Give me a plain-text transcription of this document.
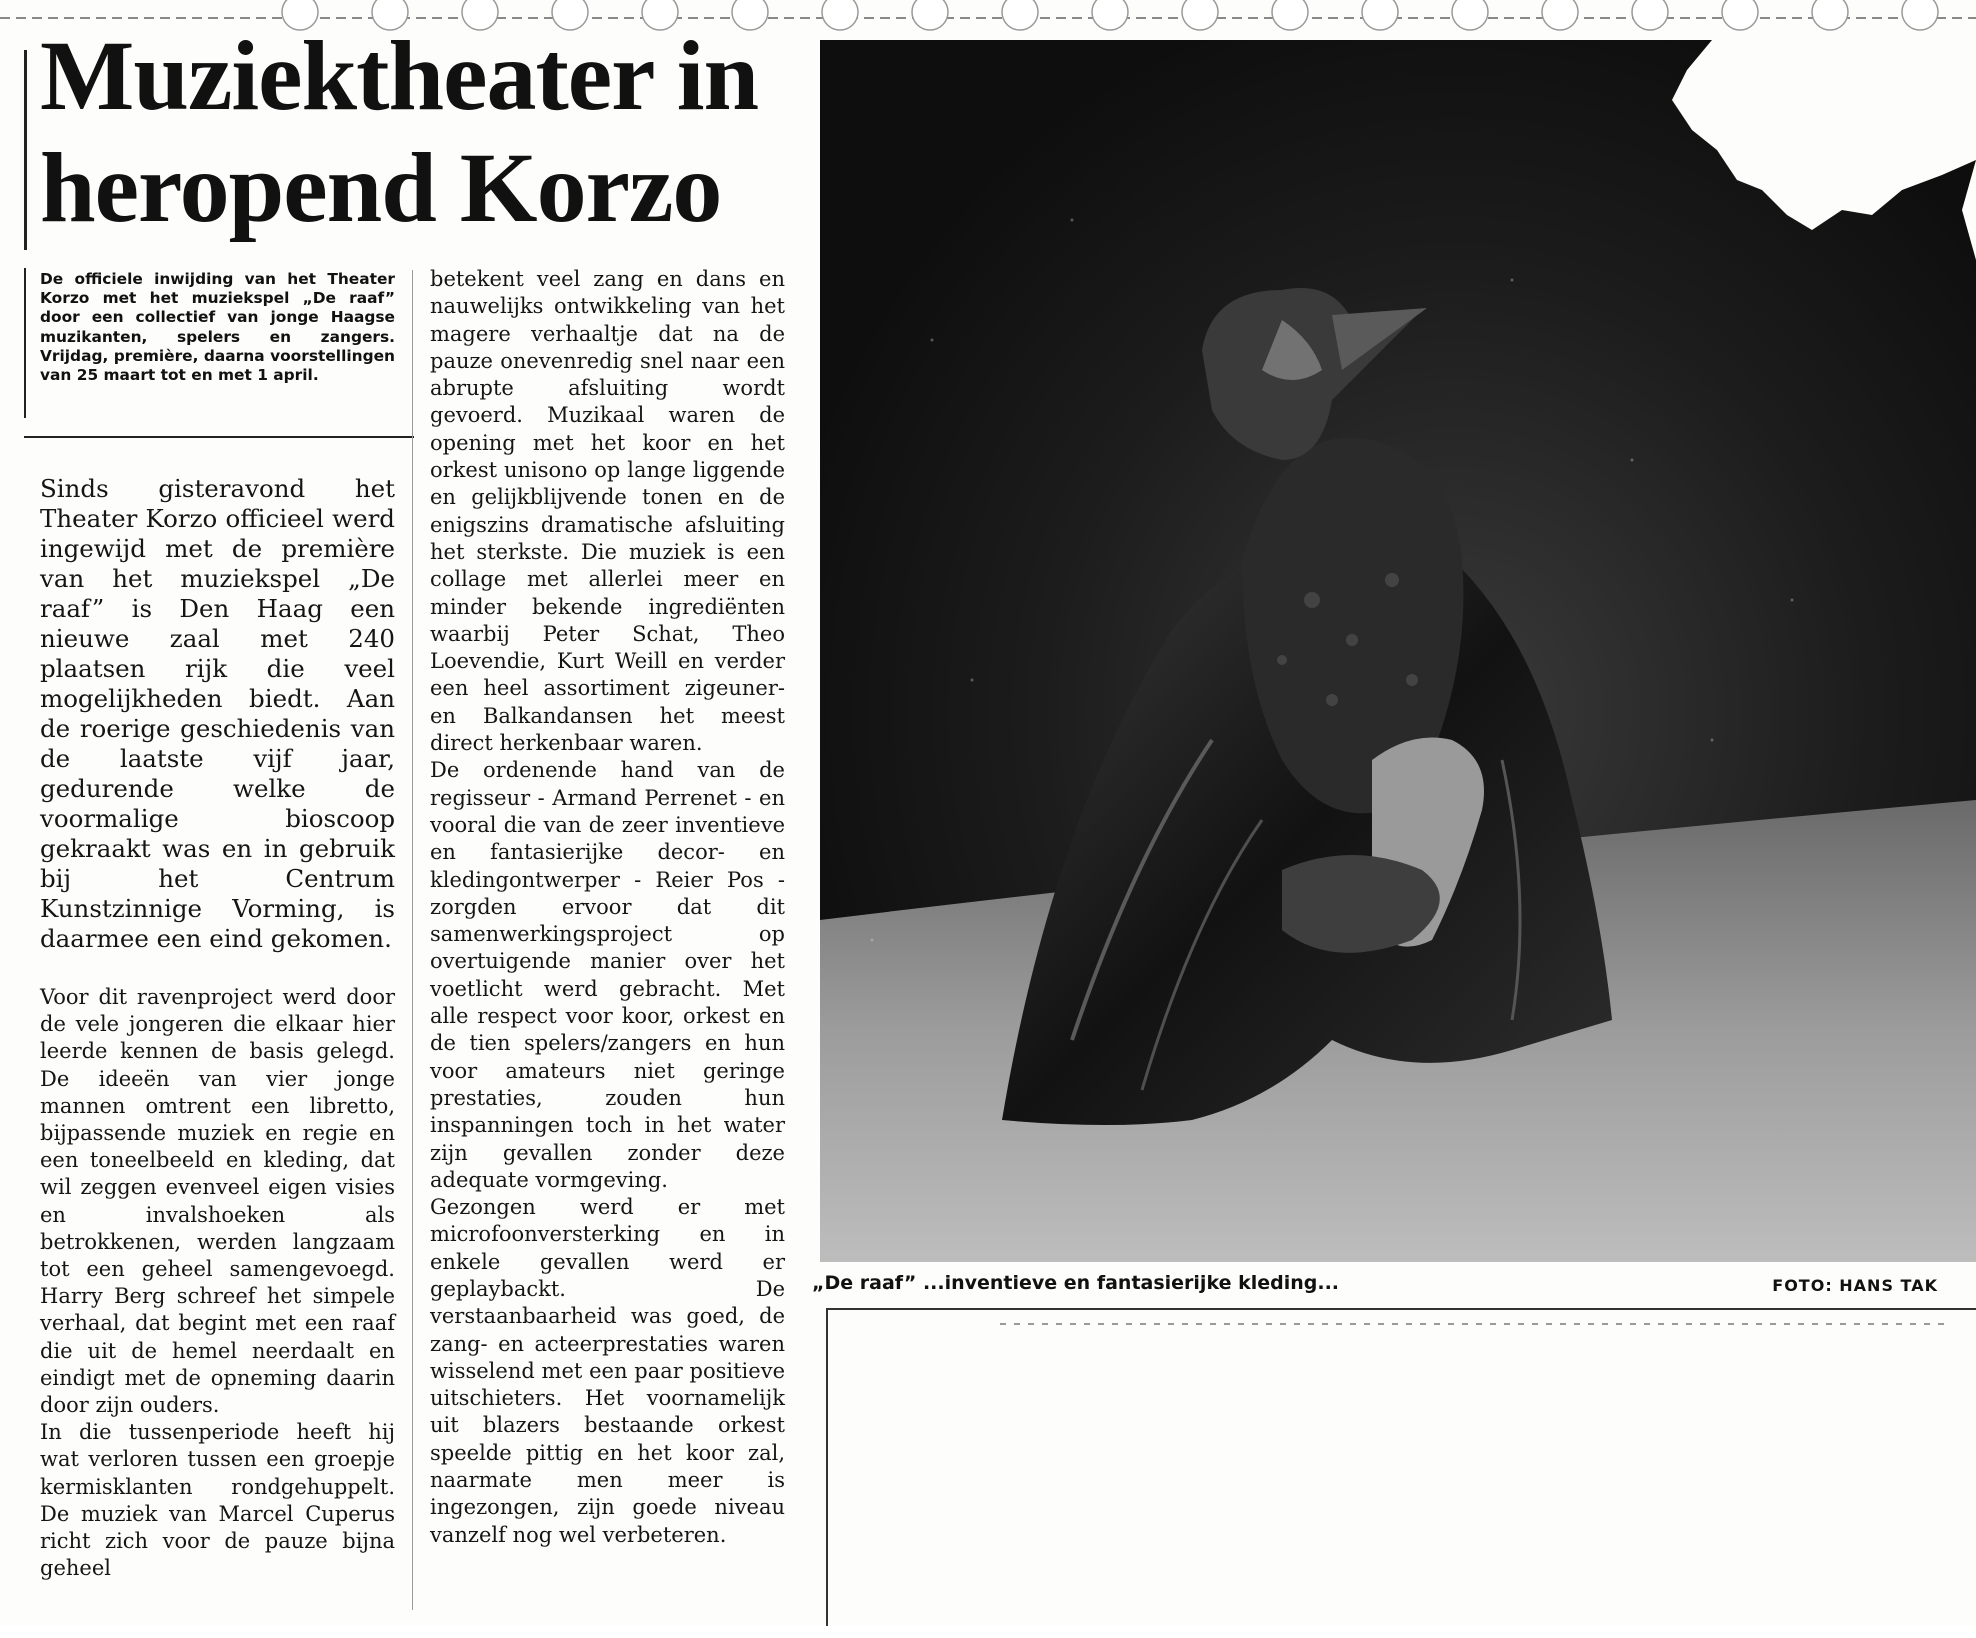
Muziektheater in
heropend Korzo
De officiele inwijding van het Theater Korzo met het muziekspel „De raaf” door een collectief van jonge Haagse muzikanten, spelers en zangers. Vrijdag, première, daarna voorstellingen van 25 maart tot en met 1 april.

Sinds gisteravond het Theater Korzo officieel werd ingewijd met de première van het muziekspel „De raaf” is Den Haag een nieuwe zaal met 240 plaatsen rijk die veel mogelijkheden biedt. Aan de roerige geschiedenis van de laatste vijf jaar, gedurende welke de voormalige bioscoop gekraakt was en in gebruik bij het Centrum Kunstzinnige Vorming, is daarmee een eind gekomen.

Voor dit ravenproject werd door de vele jongeren die elkaar hier leerde kennen de basis gelegd. De ideeën van vier jonge mannen omtrent een libretto, bijpassende muziek en regie en een toneelbeeld en kleding, dat wil zeggen evenveel eigen visies en invalshoeken als betrokkenen, werden langzaam tot een geheel samengevoegd. Harry Berg schreef het simpele verhaal, dat begint met een raaf die uit de hemel neerdaalt en eindigt met de opneming daarin door zijn ouders.

In die tussenperiode heeft hij wat verloren tussen een groepje kermisklanten rondgehuppelt. De muziek van Marcel Cuperus richt zich voor de pauze bijna geheel

betekent veel zang en dans en nauwelijks ontwikkeling van het magere verhaaltje dat na de pauze onevenredig snel naar een abrupte afsluiting wordt gevoerd. Muzikaal waren de opening met het koor en het orkest unisono op lange liggende en gelijkblijvende tonen en de enigszins dramatische afsluiting het sterkste. Die muziek is een collage met allerlei meer en minder bekende ingrediënten waarbij Peter Schat, Theo Loevendie, Kurt Weill en verder een heel assortiment zigeuner- en Balkandansen het meest direct herkenbaar waren.

De ordenende hand van de regisseur - Armand Perrenet - en vooral die van de zeer inventieve en fantasierijke decor- en kledingontwerper - Reier Pos - zorgden ervoor dat dit samenwerkingsproject op overtuigende manier over het voetlicht werd gebracht. Met alle respect voor koor, orkest en de tien spelers/zangers en hun voor amateurs niet geringe prestaties, zouden hun inspanningen toch in het water zijn gevallen zonder deze adequate vormgeving.

Gezongen werd er met microfoonversterking en in enkele gevallen werd er geplaybackt. De verstaanbaarheid was goed, de zang- en acteerprestaties waren wisselend met een paar positieve uitschieters. Het voornamelijk uit blazers bestaande orkest speelde pittig en het koor zal, naarmate men meer is ingezongen, zijn goede niveau vanzelf nog wel verbeteren.

„De raaf” ...inventieve en fantasierijke kleding...	FOTO: HANS TAK
